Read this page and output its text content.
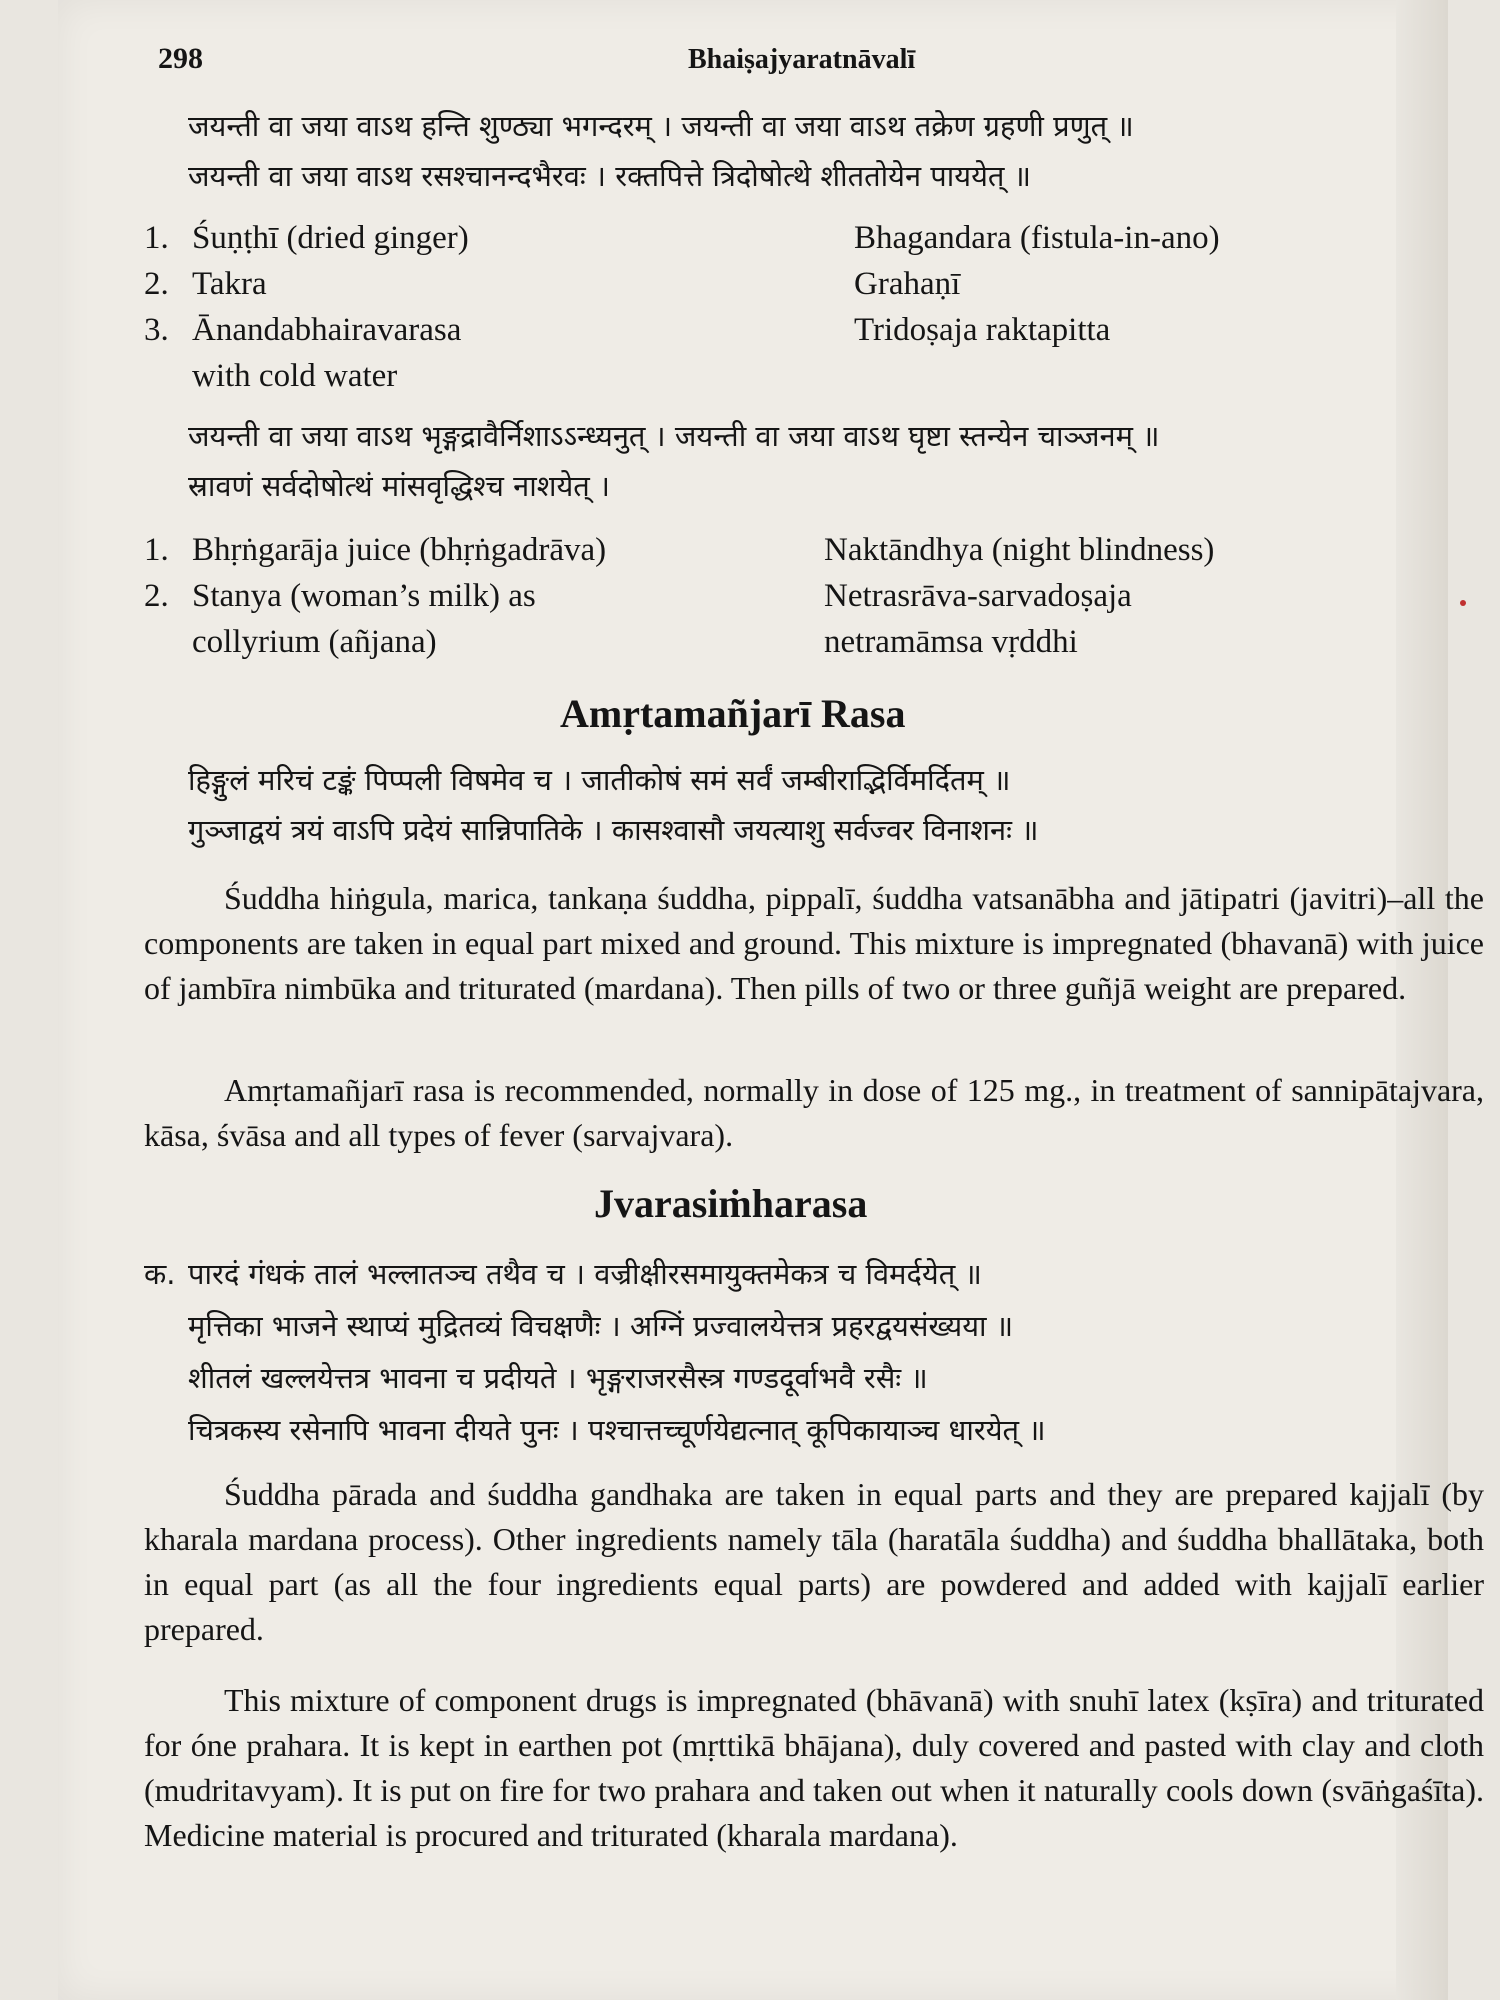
298	Bhaiṣajyaratnāvalī
जयन्ती वा जया वाऽथ हन्ति शुण्ठ्या भगन्दरम् । जयन्ती वा जया वाऽथ तक्रेण ग्रहणी प्रणुत् ॥
जयन्ती वा जया वाऽथ रसश्चानन्दभैरवः । रक्तपित्ते त्रिदोषोत्थे शीततोयेन पाययेत् ॥
1. Śuṇṭhī (dried ginger)	Bhagandara (fistula-in-ano)
2. Takra	Grahaṇī
3. Ānandabhairavarasa	Tridoṣaja raktapitta
with cold water
जयन्ती वा जया वाऽथ भृङ्गद्रावैर्निशाऽऽन्ध्यनुत् । जयन्ती वा जया वाऽथ घृष्टा स्तन्येन चाञ्जनम् ॥
स्रावणं सर्वदोषोत्थं मांसवृद्धिश्च नाशयेत् ।
1. Bhṛṅgarāja juice (bhṛṅgadrāva)	Naktāndhya (night blindness)
2. Stanya (woman’s milk) as	Netrasrāva-sarvadoṣaja
collyrium (añjana)	netramāmsa vṛddhi
Amṛtamañjarī Rasa
हिङ्गुलं मरिचं टङ्कं पिप्पली विषमेव च । जातीकोषं समं सर्वं जम्बीराद्भिर्विमर्दितम् ॥
गुञ्जाद्वयं त्रयं वाऽपि प्रदेयं सान्निपातिके । कासश्वासौ जयत्याशु सर्वज्वर विनाशनः ॥
Śuddha hiṅgula, marica, tankaṇa śuddha, pippalī, śuddha vatsanābha and jātipatri (javitri)–all the components are taken in equal part mixed and ground. This mixture is impregnated (bhavanā) with juice of jambīra nimbūka and triturated (mardana). Then pills of two or three guñjā weight are prepared.
Amṛtamañjarī rasa is recommended, normally in dose of 125 mg., in treatment of sannipātajvara, kāsa, śvāsa and all types of fever (sarvajvara).
Jvarasiṁharasa
क. पारदं गंधकं तालं भल्लातञ्च तथैव च । वज्रीक्षीरसमायुक्तमेकत्र च विमर्दयेत् ॥
मृत्तिका भाजने स्थाप्यं मुद्रितव्यं विचक्षणैः । अग्निं प्रज्वालयेत्तत्र प्रहरद्वयसंख्यया ॥
शीतलं खल्लयेत्तत्र भावना च प्रदीयते । भृङ्गराजरसैस्त्र गण्डदूर्वाभवै रसैः ॥
चित्रकस्य रसेनापि भावना दीयते पुनः । पश्चात्तच्चूर्णयेद्यत्नात् कूपिकायाञ्च धारयेत् ॥
Śuddha pārada and śuddha gandhaka are taken in equal parts and they are prepared kajjalī (by kharala mardana process). Other ingredients namely tāla (haratāla śuddha) and śuddha bhallātaka, both in equal part (as all the four ingredients equal parts) are powdered and added with kajjalī earlier prepared.
This mixture of component drugs is impregnated (bhāvanā) with snuhī latex (kṣīra) and triturated for óne prahara. It is kept in earthen pot (mṛttikā bhājana), duly covered and pasted with clay and cloth (mudritavyam). It is put on fire for two prahara and taken out when it naturally cools down (svāṅgaśīta). Medicine material is procured and triturated (kharala mardana).
